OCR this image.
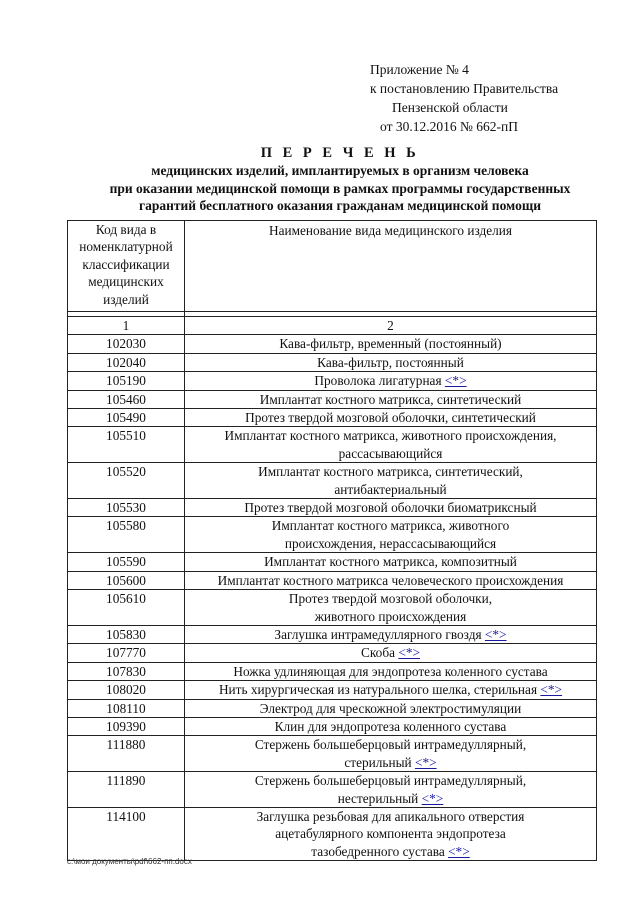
Приложение № 4
к постановлению Правительства
Пензенской области
от 30.12.2016 № 662-пП
П Е Р Е Ч Е Н Ь
медицинских изделий, имплантируемых в организм человека
при оказании медицинской помощи в рамках программы государственных
гарантий бесплатного оказания гражданам медицинской помощи
Код вида в номенклатурной классификации медицинских изделий	Наименование вида медицинского изделия

1	2
102030	Кава-фильтр, временный (постоянный)

102040	Кава-фильтр, постоянный

105190	Проволока лигатурная <*>

105460	Имплантат костного матрикса, синтетический

105490	Протез твердой мозговой оболочки, синтетический

105510	Имплантат костного матрикса, животного происхождения,
рассасывающийся

105520	Имплантат костного матрикса, синтетический,
антибактериальный

105530	Протез твердой мозговой оболочки биоматриксный

105580	Имплантат костного матрикса, животного
происхождения, нерассасывающийся

105590	Имплантат костного матрикса, композитный

105600	Имплантат костного матрикса человеческого происхождения

105610	Протез твердой мозговой оболочки,
животного происхождения

105830	Заглушка интрамедуллярного гвоздя <*>

107770	Скоба <*>

107830	Ножка удлиняющая для эндопротеза коленного сустава

108020	Нить хирургическая из натурального шелка, стерильная <*>

108110	Электрод для чрескожной электростимуляции

109390	Клин для эндопротеза коленного сустава

111880	Стержень большеберцовый интрамедуллярный,
стерильный <*>

111890	Стержень большеберцовый интрамедуллярный,
нестерильный <*>

114100	Заглушка резьбовая для апикального отверстия
ацетабулярного компонента эндопротеза
тазобедренного сустава <*>
c:\мои документы\pdf\662-пп.docx
